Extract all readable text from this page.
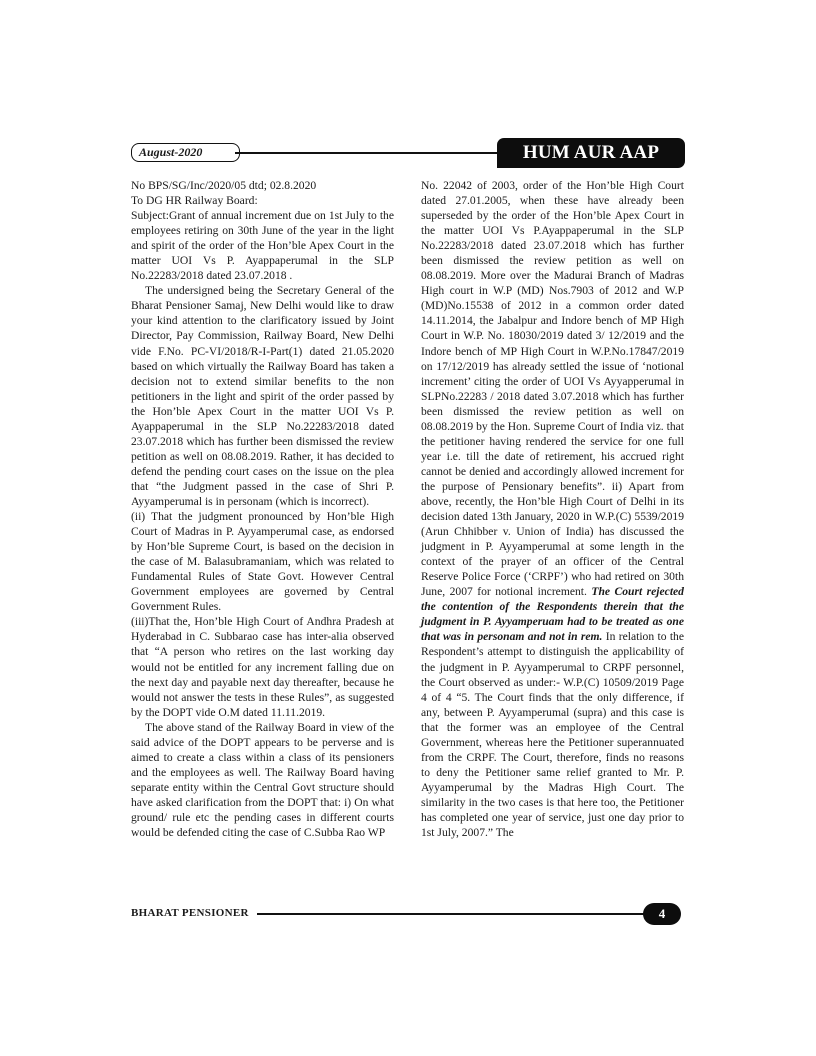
August-2020	HUM AUR AAP

No BPS/SG/Inc/2020/05 dtd; 02.8.2020

To DG HR Railway Board:

Subject:Grant of annual increment due on 1st July to the employees retiring on 30th June of the year in the light and spirit of the order of the Hon’ble Apex Court in the matter UOI Vs P. Ayappaperumal in the SLP No.22283/2018 dated 23.07.2018 .

The undersigned being the Secretary General of the Bharat Pensioner Samaj, New Delhi would like to draw your kind attention to the clarificatory issued by Joint Director, Pay Commission, Railway Board, New Delhi vide F.No. PC-VI/2018/R-I-Part(1) dated 21.05.2020 based on which virtually the Railway Board has taken a decision not to extend similar benefits to the non petitioners in the light and spirit of the order passed by the Hon’ble Apex Court in the matter UOI Vs P. Ayappaperumal in the SLP No.22283/2018 dated 23.07.2018 which has further been dismissed the review petition as well on 08.08.2019. Rather, it has decided to defend the pending court cases on the issue on the plea that “the Judgment passed in the case of Shri P. Ayyamperumal is in personam (which is incorrect).

(ii) That the judgment pronounced by Hon’ble High Court of Madras in P. Ayyamperumal case, as endorsed by Hon’ble Supreme Court, is based on the decision in the case of M. Balasubramaniam, which was related to Fundamental Rules of State Govt. However Central Government employees are governed by Central Government Rules.

(iii)That the, Hon’ble High Court of Andhra Pradesh at Hyderabad in C. Subbarao case has inter-alia observed that “A person who retires on the last working day would not be entitled for any increment falling due on the next day and payable next day thereafter, because he would not answer the tests in these Rules”, as suggested by the DOPT vide O.M dated 11.11.2019.

The above stand of the Railway Board in view of the said advice of the DOPT appears to be perverse and is aimed to create a class within a class of its pensioners and the employees as well. The Railway Board having separate entity within the Central Govt structure should have asked clarification from the DOPT that: i) On what ground/ rule etc the pending cases in different courts would be defended citing the case of C.Subba Rao WP

No. 22042 of 2003, order of the Hon’ble High Court dated 27.01.2005, when these have already been superseded by the order of the Hon’ble Apex Court in the matter UOI Vs P.Ayappaperumal in the SLP No.22283/2018 dated 23.07.2018 which has further been dismissed the review petition as well on 08.08.2019. More over the Madurai Branch of Madras High court in W.P (MD) Nos.7903 of 2012 and W.P (MD)No.15538 of 2012 in a common order dated 14.11.2014, the Jabalpur and Indore bench of MP High Court in W.P. No. 18030/2019 dated 3/ 12/2019 and the Indore bench of MP High Court in W.P.No.17847/2019 on 17/12/2019 has already settled the issue of ‘notional increment’ citing the order of UOI Vs Ayyapperumal in SLPNo.22283 / 2018 dated 3.07.2018 which has further been dismissed the review petition as well on 08.08.2019 by the Hon. Supreme Court of India viz. that the petitioner having rendered the service for one full year i.e. till the date of retirement, his accrued right cannot be denied and accordingly allowed increment for the purpose of Pensionary benefits”. ii) Apart from above, recently, the Hon’ble High Court of Delhi in its decision dated 13th January, 2020 in W.P.(C) 5539/2019 (Arun Chhibber v. Union of India) has discussed the judgment in P. Ayyamperumal at some length in the context of the prayer of an officer of the Central Reserve Police Force (‘CRPF’) who had retired on 30th June, 2007 for notional increment. The Court rejected the contention of the Respondents therein that the judgment in P. Ayyamperuam had to be treated as one that was in personam and not in rem. In relation to the Respondent’s attempt to distinguish the applicability of the judgment in P. Ayyamperumal to CRPF personnel, the Court observed as under:- W.P.(C) 10509/2019 Page 4 of 4 “5. The Court finds that the only difference, if any, between P. Ayyamperumal (supra) and this case is that the former was an employee of the Central Government, whereas here the Petitioner superannuated from the CRPF. The Court, therefore, finds no reasons to deny the Petitioner same relief granted to Mr. P. Ayyamperumal by the Madras High Court. The similarity in the two cases is that here too, the Petitioner has completed one year of service, just one day prior to 1st July, 2007.” The

BHARAT PENSIONER	4
